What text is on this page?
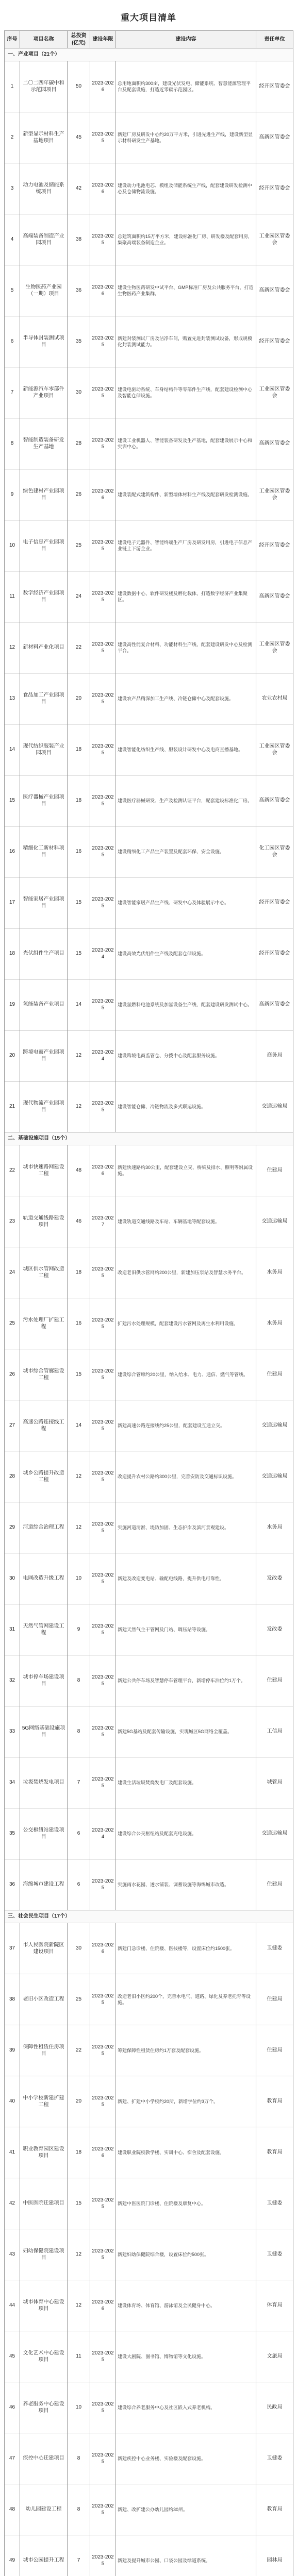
重大项目清单
序号	项目名称	总投资(亿元)	建设年限	建设内容	责任单位
一、产业项目（21个）					
1	二〇二四年碳中和示范园项目	50	2023-2026	总用地面积约300亩，建设光伏发电、储能系统、智慧能源管理平台及配套设施，打造近零碳示范园区。	经开区管委会
2	新型显示材料生产基地项目	45	2023-2025	新建厂房及研发中心约20万平方米，引进先进生产线，建设新型显示材料研发生产基地。	高新区管委会
3	动力电池及储能系统项目	42	2023-2026	建设动力电池电芯、模组及储能系统生产线，配套建设研发检测中心及仓储物流设施。	经开区管委会
4	高端装备制造产业园项目	38	2023-2025	总建筑面积约15万平方米，建设标准化厂房、研发楼及配套用房，集聚高端装备制造企业。	工业园区管委会
5	生物医药产业园（一期）项目	36	2023-2026	建设生物医药研发中试平台、GMP标准厂房及公共服务平台，打造生物医药产业集群。	高新区管委会
6	半导体封装测试项目	35	2023-2025	新建封装测试厂房及洁净车间，购置先进封装测试设备，形成规模化封装测试能力。	经开区管委会
7	新能源汽车零部件产业项目	30	2023-2025	建设电驱动系统、车身结构件等零部件生产线，配套建设检测中心及智能仓储设施。	工业园区管委会
8	智能制造装备研发生产基地	28	2023-2025	建设工业机器人、智能装备研发及生产基地，配套建设展示中心和实训中心。	高新区管委会
9	绿色建材产业园项目	26	2023-2026	建设装配式建筑构件、新型墙体材料生产线及配套研发检测设施。	工业园区管委会
10	电子信息产业园项目	25	2023-2025	建设电子元器件、智能终端生产厂房及研发用房，引进电子信息产业链上下游企业。	经开区管委会
11	数字经济产业园项目	24	2023-2025	建设数据中心、软件研发楼及孵化载体，打造数字经济产业集聚区。	高新区管委会
12	新材料产业化项目	22	2023-2025	建设高性能复合材料、功能材料生产线，配套建设研发中心及检测平台。	工业园区管委会
13	食品加工产业园项目	20	2023-2025	建设农产品精深加工生产线、冷链仓储中心及配套设施。	农业农村局
14	现代纺织服装产业园项目	18	2023-2025	建设智能化纺织生产线、服装设计研发中心及电商直播基地。	工业园区管委会
15	医疗器械产业园项目	18	2023-2025	建设医疗器械研发、生产及检测认证平台，配套建设标准化厂房。	高新区管委会
16	精细化工新材料项目	16	2023-2025	建设精细化工产品生产装置及配套环保、安全设施。	化工园区管委会
17	智能家居产业园项目	15	2023-2025	建设智能家居产品生产线、研发中心及体验展示中心。	经开区管委会
18	光伏组件生产项目	15	2023-2024	建设高效光伏组件生产线及配套仓储设施。	经开区管委会
19	氢能装备产业项目	14	2023-2025	建设氢燃料电池系统及加氢设备生产线，配套建设研发测试中心。	高新区管委会
20	跨境电商产业园项目	12	2023-2024	建设跨境电商监管仓、分拨中心及配套服务设施。	商务局
21	现代物流产业园项目	12	2023-2025	建设智能仓储、冷链物流及多式联运设施。	交通运输局
二、基础设施项目（15个）					
22	城市快速路网建设工程	48	2023-2026	新建快速路约30公里，配套建设立交、桥梁及排水、照明等附属设施。	住建局
23	轨道交通线路建设项目	46	2023-2027	建设轨道交通线路及车站、车辆基地等配套设施。	交通运输局
24	城区供水管网改造工程	18	2023-2025	改造老旧供水管网约200公里，新建加压泵站及智慧水务平台。	水务局
25	污水处理厂扩建工程	16	2023-2025	扩建污水处理规模，配套建设污水管网及再生水利用设施。	水务局
26	城市综合管廊建设工程	15	2023-2025	建设综合管廊约20公里，纳入给水、电力、通信、燃气等管线。	住建局
27	高速公路连接线工程	14	2023-2025	新建高速公路连接线约25公里，配套建设互通立交。	交通运输局
28	城乡公路提升改造工程	12	2023-2025	改造提升农村公路约300公里，完善安防及交通标识设施。	交通运输局
29	河道综合治理工程	12	2023-2025	实施河道清淤、堤防加固、生态护岸及滨河景观建设。	水务局
30	电网改造升级工程	10	2023-2025	新建及改造变电站、输配电线路，提升供电可靠性。	发改委
31	天然气管网建设工程	9	2023-2025	新建天然气主干管网及门站、调压站等设施。	发改委
32	城市停车场建设项目	8	2023-2025	新建公共停车场及智慧停车管理平台，新增停车泊位约1万个。	住建局
33	5G网络基础设施项目	8	2023-2025	新建5G基站及配套传输设施，实现城区5G网络全覆盖。	工信局
34	垃圾焚烧发电项目	7	2023-2025	建设生活垃圾焚烧发电厂及配套设施。	城管局
35	公交枢纽站建设项目	6	2023-2024	建设综合公交枢纽站及配套充电设施。	交通运输局
36	海绵城市建设工程	6	2023-2025	实施雨水花园、透水铺装、调蓄设施等海绵城市改造。	住建局
三、社会民生项目（17个）					
37	市人民医院新院区建设项目	30	2023-2026	新建门急诊楼、住院楼、医技楼等，设置床位约1500张。	卫健委
38	老旧小区改造工程	25	2023-2025	改造老旧小区约200个，完善水电气、道路、绿化及养老托育等设施。	住建局
39	保障性租赁住房项目	22	2023-2025	筹建保障性租赁住房约1万套及配套设施。	住建局
40	中小学校新建扩建工程	20	2023-2025	新建、扩建中小学校约20所，新增学位约3万个。	教育局
41	职业教育园区建设项目	18	2023-2026	建设职业院校教学楼、实训中心、宿舍及配套设施。	教育局
42	中医医院迁建项目	15	2023-2025	新建中医医院门诊楼、住院楼及康复中心。	卫健委
43	妇幼保健院建设项目	12	2023-2025	新建妇幼保健院综合楼，设置床位约500张。	卫健委
44	城市体育中心建设项目	12	2023-2026	建设体育场、体育馆、游泳馆及全民健身中心。	体育局
45	文化艺术中心建设项目	11	2023-2025	建设大剧院、图书馆、博物馆等文化设施。	文旅局
46	养老服务中心建设项目	10	2023-2025	建设综合养老服务中心及社区嵌入式养老机构。	民政局
47	疾控中心迁建项目	8	2023-2025	新建疾控中心业务楼、实验楼及配套设施。	卫健委
48	幼儿园建设工程	8	2023-2025	新建、改扩建公办幼儿园约30所。	教育局
49	城市公园提升工程	7	2023-2025	新建及提升城市公园、口袋公园及绿道系统。	园林局
